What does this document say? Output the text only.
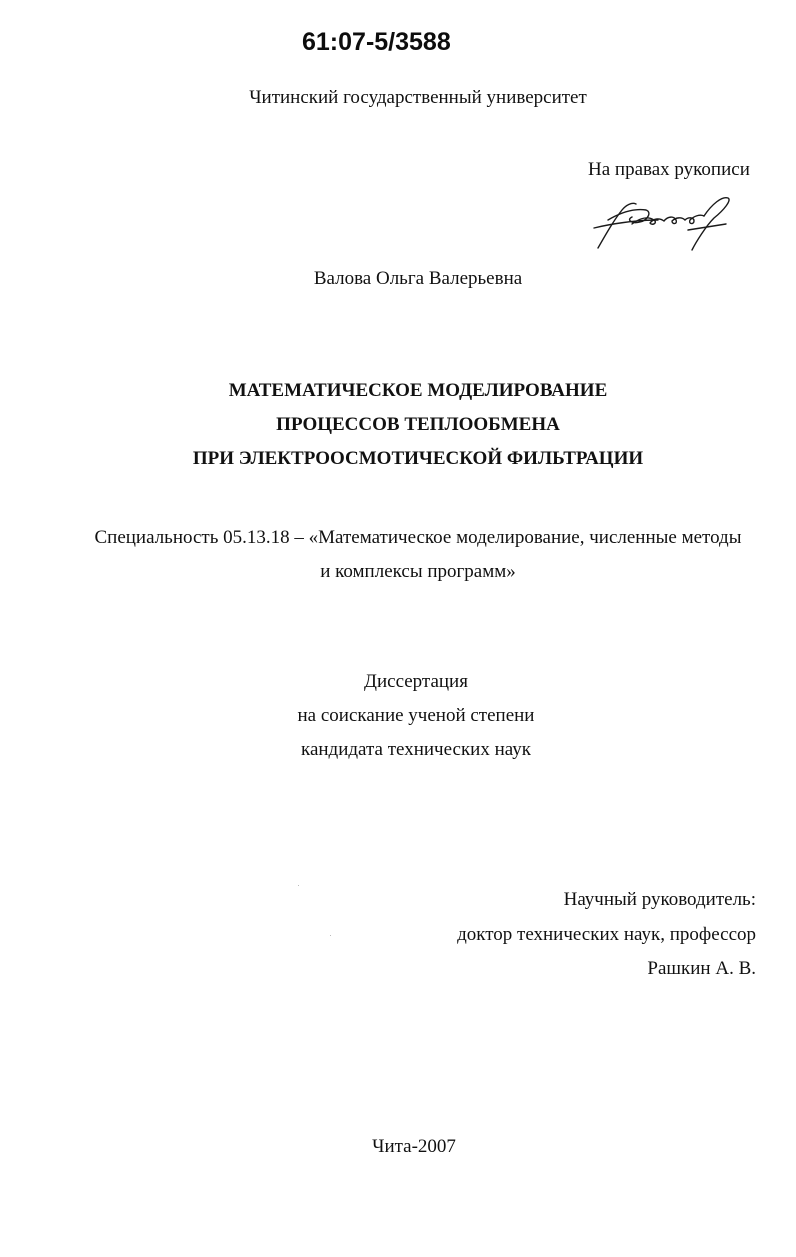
61:07-5/3588
Читинский государственный университет
На правах рукописи
Валова Ольга Валерьевна
МАТЕМАТИЧЕСКОЕ МОДЕЛИРОВАНИЕ
ПРОЦЕССОВ ТЕПЛООБМЕНА
ПРИ ЭЛЕКТРООСМОТИЧЕСКОЙ ФИЛЬТРАЦИИ
Специальность 05.13.18 – «Математическое моделирование, численные методы
и комплексы программ»
Диссертация
на соискание ученой степени
кандидата технических наук
Научный руководитель:
доктор технических наук, профессор
Рашкин А. В.
Чита-2007
